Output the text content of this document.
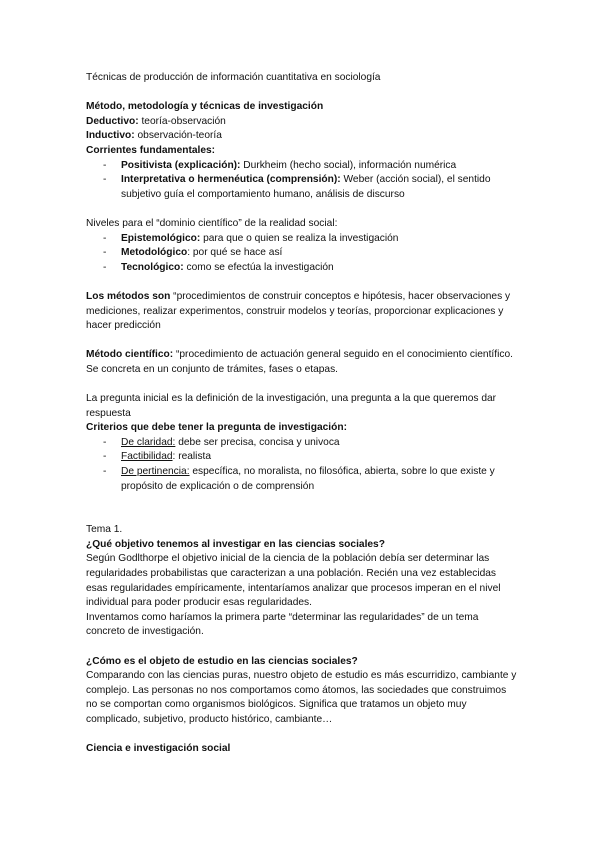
Técnicas de producción de información cuantitativa en sociología

Método, metodología y técnicas de investigación

Deductivo: teoría-observación

Inductivo: observación-teoría

Corrientes fundamentales:

- Positivista (explicación): Durkheim (hecho social), información numérica
- Interpretativa o hermenéutica (comprensión): Weber (acción social), el sentido subjetivo guía el comportamiento humano, análisis de discurso

Niveles para el “dominio científico” de la realidad social:

- Epistemológico: para que o quien se realiza la investigación
- Metodológico: por qué se hace así
- Tecnológico: como se efectúa la investigación

Los métodos son “procedimientos de construir conceptos e hipótesis, hacer observaciones y mediciones, realizar experimentos, construir modelos y teorías, proporcionar explicaciones y hacer predicción

Método científico: “procedimiento de actuación general seguido en el conocimiento científico. Se concreta en un conjunto de trámites, fases o etapas.

La pregunta inicial es la definición de la investigación, una pregunta a la que queremos dar respuesta

Criterios que debe tener la pregunta de investigación:

- De claridad: debe ser precisa, concisa y univoca
- Factibilidad: realista
- De pertinencia: específica, no moralista, no filosófica, abierta, sobre lo que existe y propósito de explicación o de comprensión

Tema 1.

¿Qué objetivo tenemos al investigar en las ciencias sociales?

Según Godlthorpe el objetivo inicial de la ciencia de la población debía ser determinar las regularidades probabilistas que caracterizan a una población. Recién una vez establecidas esas regularidades empíricamente, intentaríamos analizar que procesos imperan en el nivel individual para poder producir esas regularidades.

Inventamos como haríamos la primera parte “determinar las regularidades” de un tema concreto de investigación.

¿Cómo es el objeto de estudio en las ciencias sociales?

Comparando con las ciencias puras, nuestro objeto de estudio es más escurridizo, cambiante y complejo. Las personas no nos comportamos como átomos, las sociedades que construimos no se comportan como organismos biológicos. Significa que tratamos un objeto muy complicado, subjetivo, producto histórico, cambiante…

Ciencia e investigación social
